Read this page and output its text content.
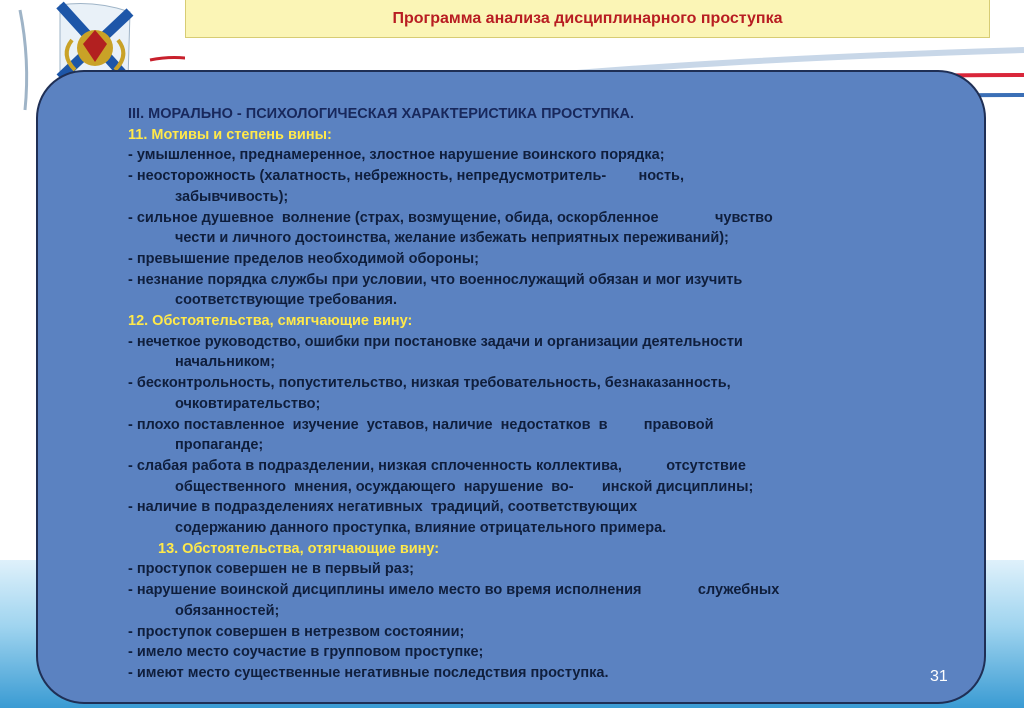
Программа анализа дисциплинарного проступка

III. МОРАЛЬНО - ПСИХОЛОГИЧЕСКАЯ ХАРАКТЕРИСТИКА ПРОСТУПКА.

11. Мотивы и степень вины:

- умышленное, преднамеренное, злостное нарушение воинского порядка;

- неосторожность (халатность, небрежность, непредусмотритель-        ность,

забывчивость);

- сильное душевное  волнение (страх, возмущение, обида, оскорбленное              чувство

чести и личного достоинства, желание избежать неприятных переживаний);

- превышение пределов необходимой обороны;

- незнание порядка службы при условии, что военнослужащий обязан и мог изучить

соответствующие требования.

12. Обстоятельства, смягчающие вину:

- нечеткое руководство, ошибки при постановке задачи и организации деятельности

начальником;

- бесконтрольность, попустительство, низкая требовательность, безнаказанность,

очковтирательство;

- плохо поставленное  изучение  уставов, наличие  недостатков  в         правовой

пропаганде;

- слабая работа в подразделении, низкая сплоченность коллектива,           отсутствие

общественного  мнения, осуждающего  нарушение  во-       инской дисциплины;

- наличие в подразделениях негативных  традиций, соответствующих

содержанию данного проступка, влияние отрицательного примера.

13. Обстоятельства, отягчающие вину:

- проступок совершен не в первый раз;

- нарушение воинской дисциплины имело место во время исполнения              служебных

обязанностей;

- проступок совершен в нетрезвом состоянии;

- имело место соучастие в групповом проступке;

- имеют место существенные негативные последствия проступка.	31
